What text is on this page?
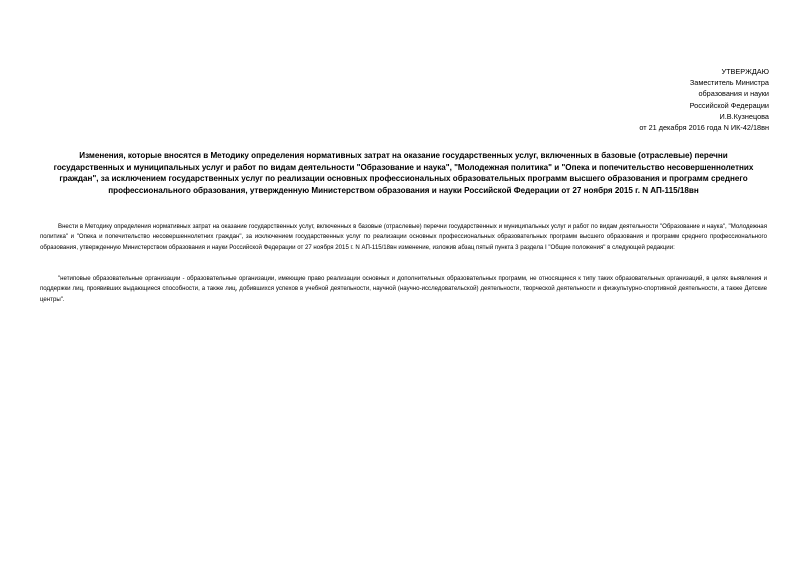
УТВЕРЖДАЮ
Заместитель Министра
образования и науки
Российской Федерации
И.В.Кузнецова
от 21 декабря 2016 года N ИК-42/18вн
Изменения, которые вносятся в Методику определения нормативных затрат на оказание государственных услуг, включенных в базовые (отраслевые) перечни государственных и муниципальных услуг и работ по видам деятельности "Образование и наука", "Молодежная политика" и "Опека и попечительство несовершеннолетних граждан", за исключением государственных услуг по реализации основных профессиональных образовательных программ высшего образования и программ среднего профессионального образования, утвержденную Министерством образования и науки Российской Федерации от 27 ноября 2015 г. N АП-115/18вн

Внести в Методику определения нормативных затрат на оказание государственных услуг, включенных в базовые (отраслевые) перечни государственных и муниципальных услуг и работ по видам деятельности "Образование и наука", "Молодежная политика" и "Опека и попечительство несовершеннолетних граждан", за исключением государственных услуг по реализации основных профессиональных образовательных программ высшего образования и программ среднего профессионального образования, утвержденную Министерством образования и науки Российской Федерации от 27 ноября 2015 г. N АП-115/18вн изменение, изложив абзац пятый пункта 3 раздела I "Общие положения" в следующей редакции:

"нетиповые образовательные организации - образовательные организации, имеющие право реализации основных и дополнительных образовательных программ, не относящиеся к типу таких образовательных организаций, в целях выявления и поддержки лиц, проявивших выдающиеся способности, а также лиц, добившихся успехов в учебной деятельности, научной (научно-исследовательской) деятельности, творческой деятельности и физкультурно-спортивной деятельности, а также Детские центры".
